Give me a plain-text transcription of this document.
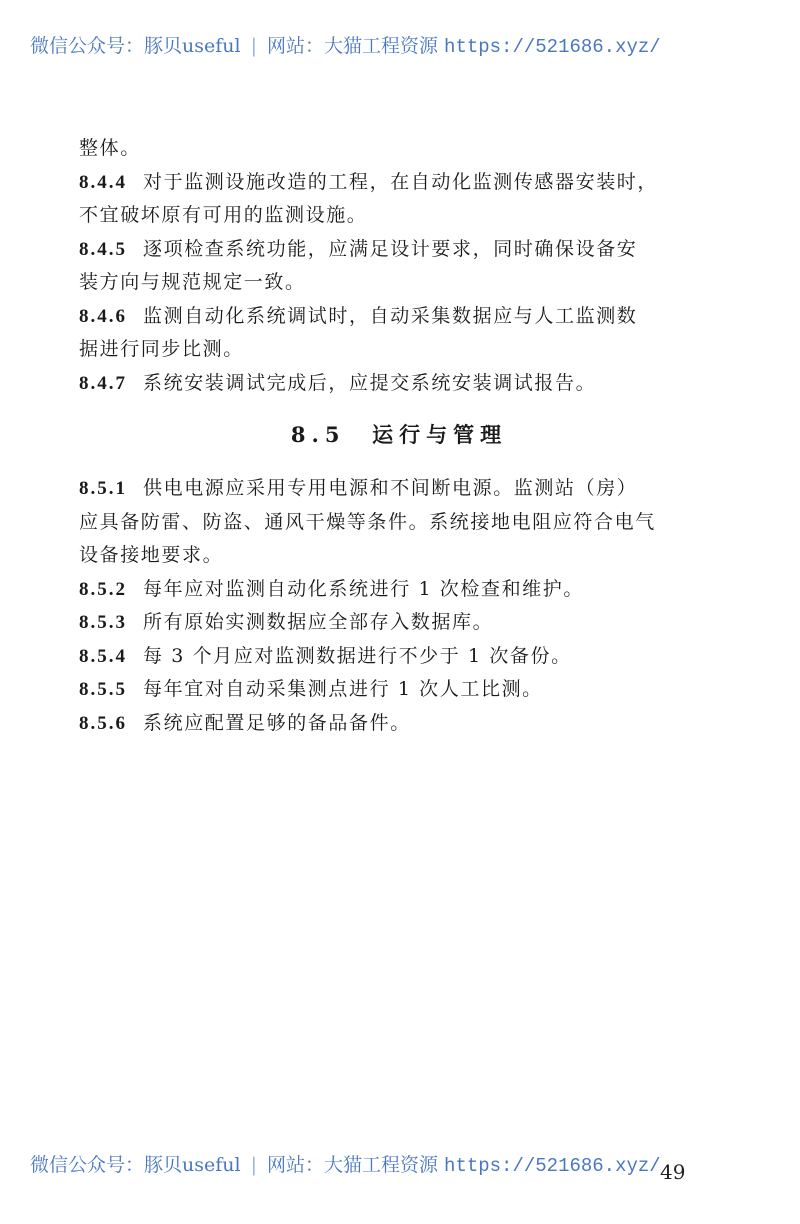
微信公众号：豚贝useful | 网站：大猫工程资源 https://521686.xyz/
整体。
8.4.4 对于监测设施改造的工程，在自动化监测传感器安装时，
不宜破坏原有可用的监测设施。
8.4.5 逐项检查系统功能，应满足设计要求，同时确保设备安
装方向与规范规定一致。
8.4.6 监测自动化系统调试时，自动采集数据应与人工监测数
据进行同步比测。
8.4.7 系统安装调试完成后，应提交系统安装调试报告。
8.5 运行与管理
8.5.1 供电电源应采用专用电源和不间断电源。监测站（房）
应具备防雷、防盗、通风干燥等条件。系统接地电阻应符合电气
设备接地要求。
8.5.2 每年应对监测自动化系统进行 1 次检查和维护。
8.5.3 所有原始实测数据应全部存入数据库。
8.5.4 每 3 个月应对监测数据进行不少于 1 次备份。
8.5.5 每年宜对自动采集测点进行 1 次人工比测。
8.5.6 系统应配置足够的备品备件。
49
微信公众号：豚贝useful | 网站：大猫工程资源 https://521686.xyz/
